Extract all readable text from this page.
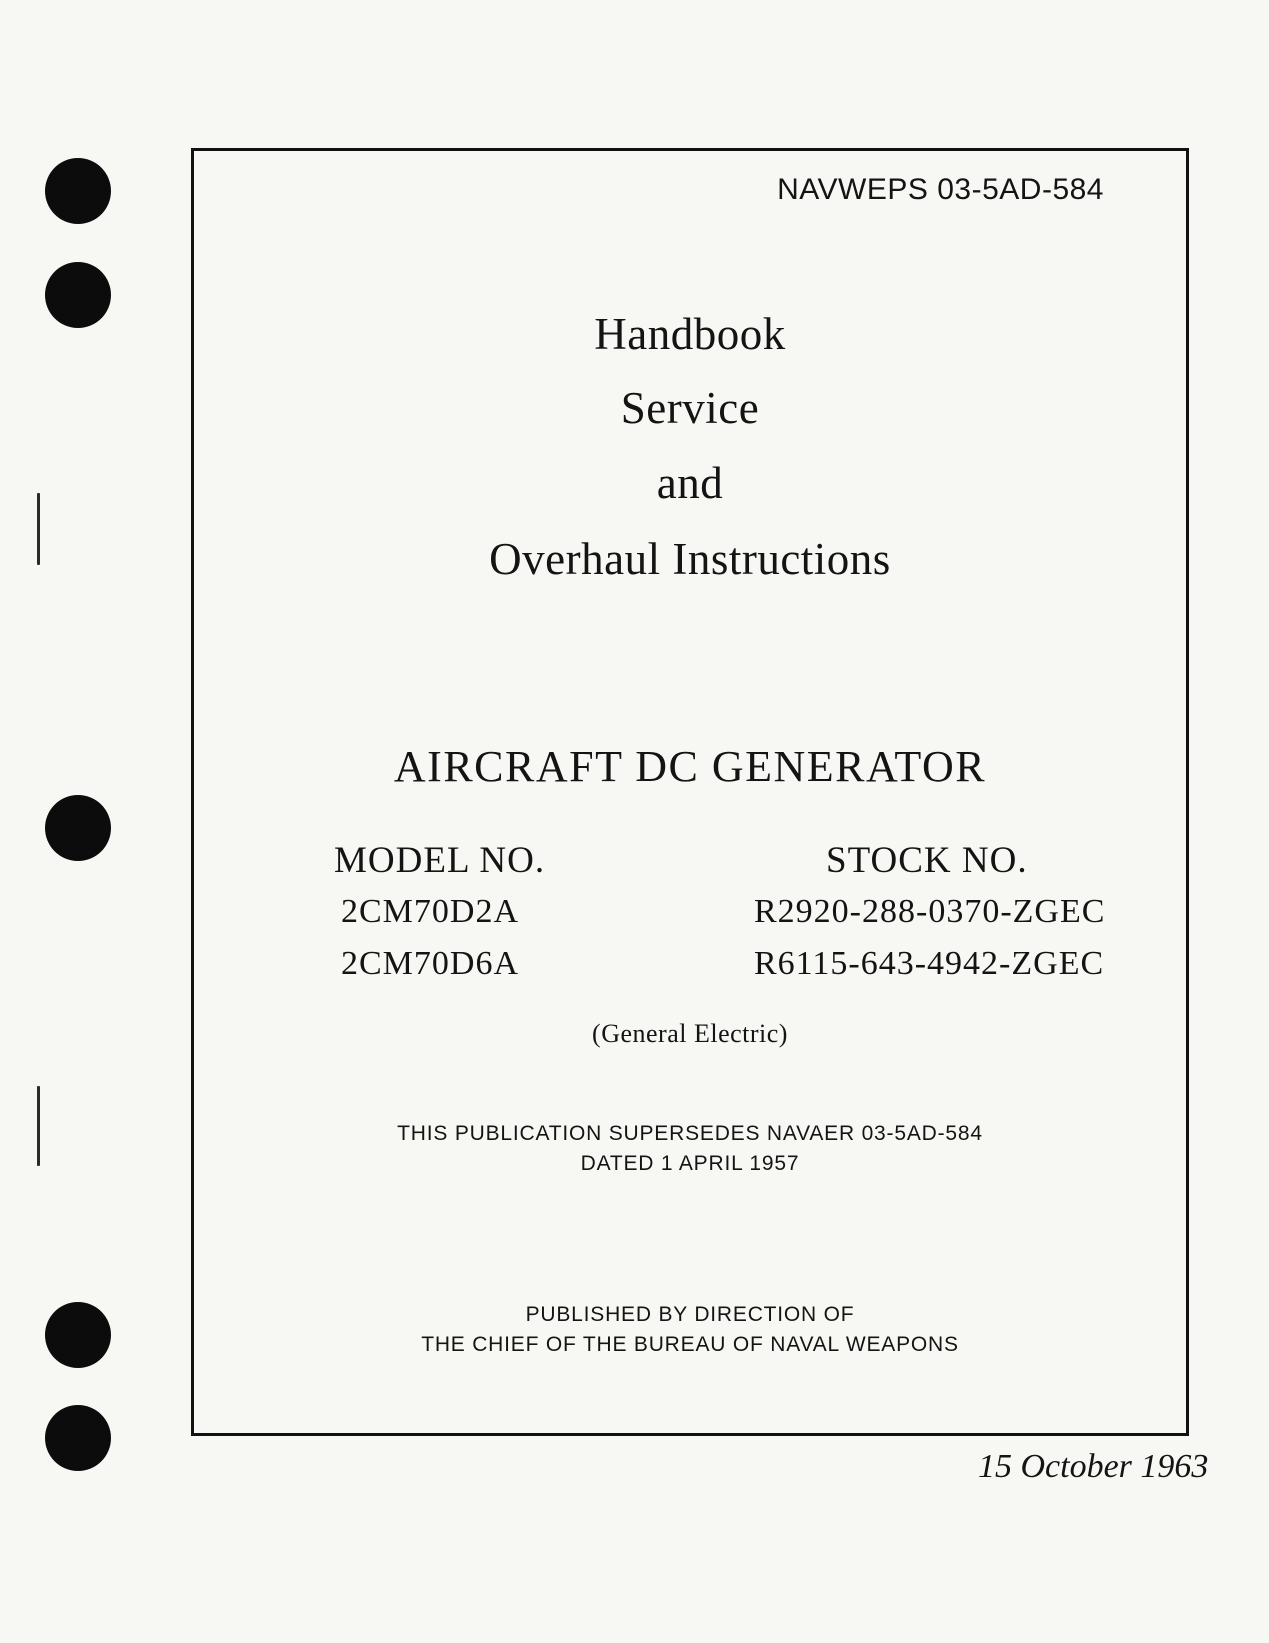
NAVWEPS 03-5AD-584
Handbook
Service
and
Overhaul Instructions
AIRCRAFT DC GENERATOR
MODEL NO.
2CM70D2A
2CM70D6A
STOCK NO.
R2920-288-0370-ZGEC
R6115-643-4942-ZGEC
(General Electric)
THIS PUBLICATION SUPERSEDES NAVAER 03-5AD-584
DATED 1 APRIL 1957
PUBLISHED BY DIRECTION OF
THE CHIEF OF THE BUREAU OF NAVAL WEAPONS
15 October 1963
